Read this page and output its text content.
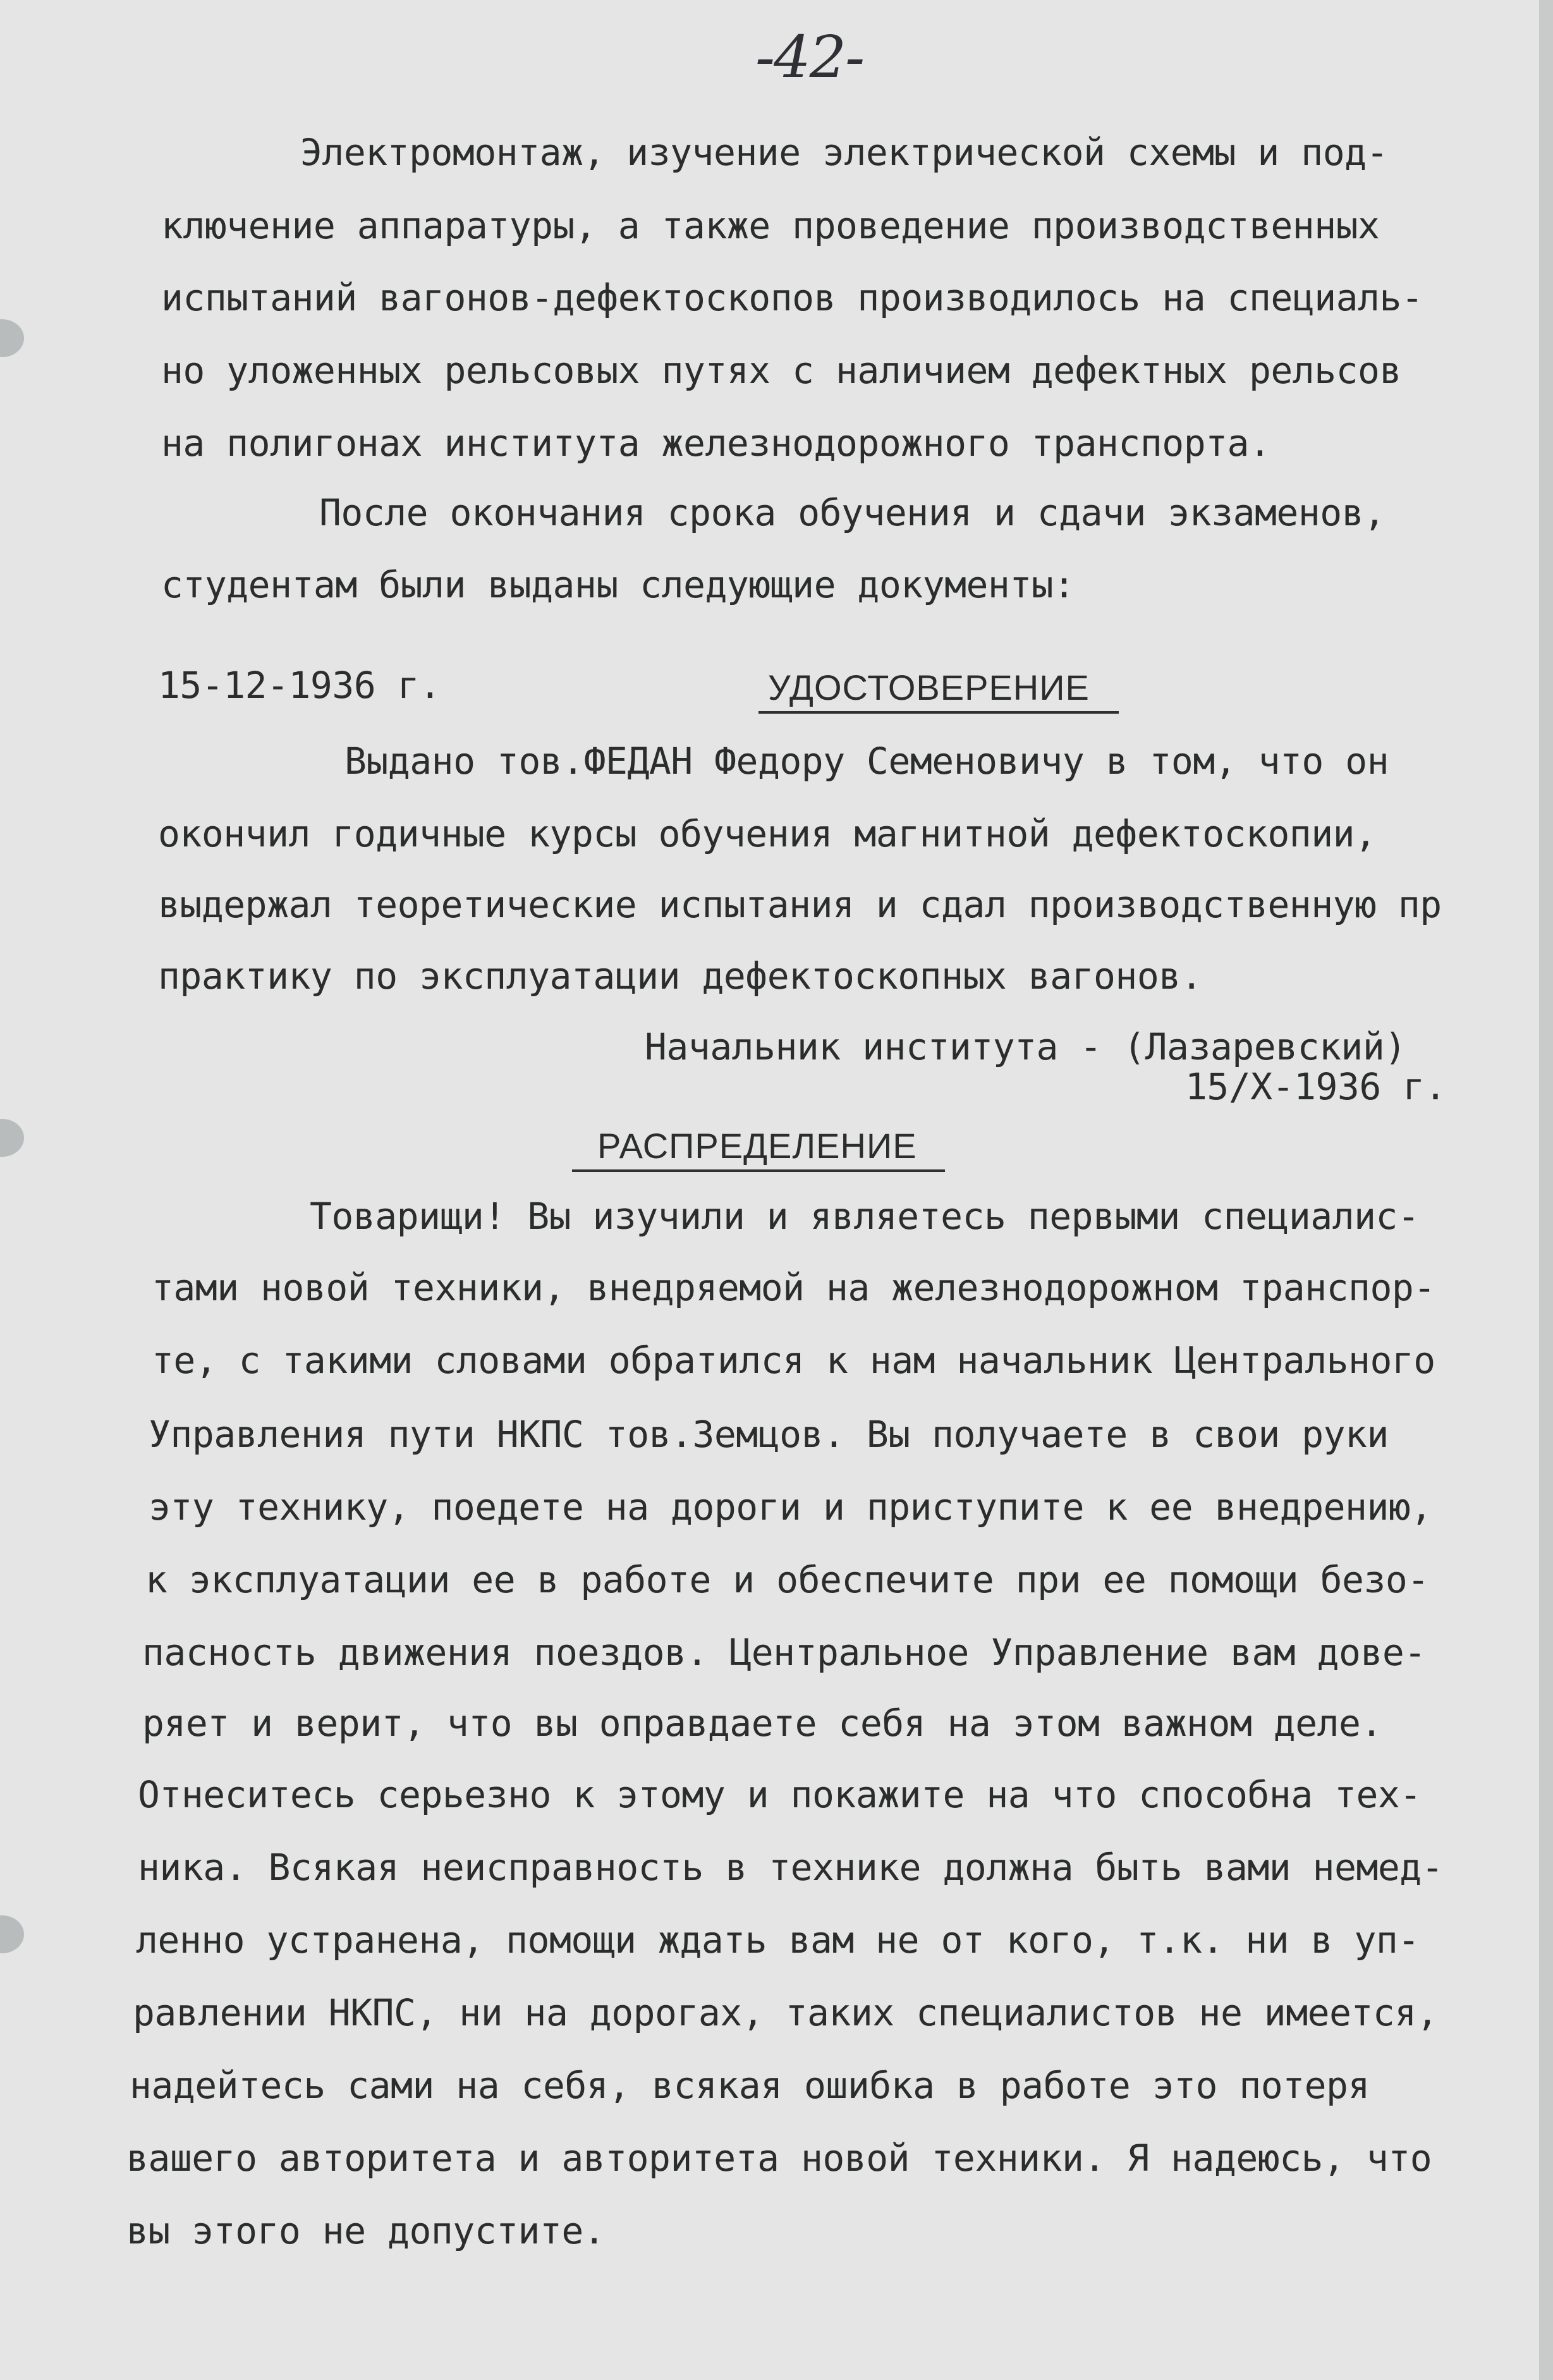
-42-
Электромонтаж, изучение электрической схемы и под-
ключение аппаратуры, а также проведение производственных
испытаний вагонов-дефектоскопов производилось на специаль-
но уложенных рельсовых путях с наличием дефектных рельсов
на полигонах института железнодорожного транспорта.
После окончания срока обучения и сдачи экзаменов,
студентам были выданы следующие документы:
15-12-1936 г.	УДОСТОВЕРЕНИЕ
Выдано тов.ФЕДАН Федору Семеновичу в том, что он
окончил годичные курсы обучения магнитной дефектоскопии,
выдержал теоретические испытания и сдал производственную пр
практику по эксплуатации дефектоскопных вагонов.
Начальник института - (Лазаревский)
15/X-1936 г.
РАСПРЕДЕЛЕНИЕ
Товарищи! Вы изучили и являетесь первыми специалис-
тами новой техники, внедряемой на железнодорожном транспор-
те, с такими словами обратился к нам начальник Центрального
Управления пути НКПС тов.Земцов. Вы получаете в свои руки
эту технику, поедете на дороги и приступите к ее внедрению,
к эксплуатации ее в работе и обеспечите при ее помощи безо-
пасность движения поездов. Центральное Управление вам дове-
ряет и верит, что вы оправдаете себя на этом важном деле.
Отнеситесь серьезно к этому и покажите на что способна тех-
ника. Всякая неисправность в технике должна быть вами немед-
ленно устранена, помощи ждать вам не от кого, т.к. ни в уп-
равлении НКПС, ни на дорогах, таких специалистов не имеется,
надейтесь сами на себя, всякая ошибка в работе это потеря
вашего авторитета и авторитета новой техники. Я надеюсь, что
вы этого не допустите.
